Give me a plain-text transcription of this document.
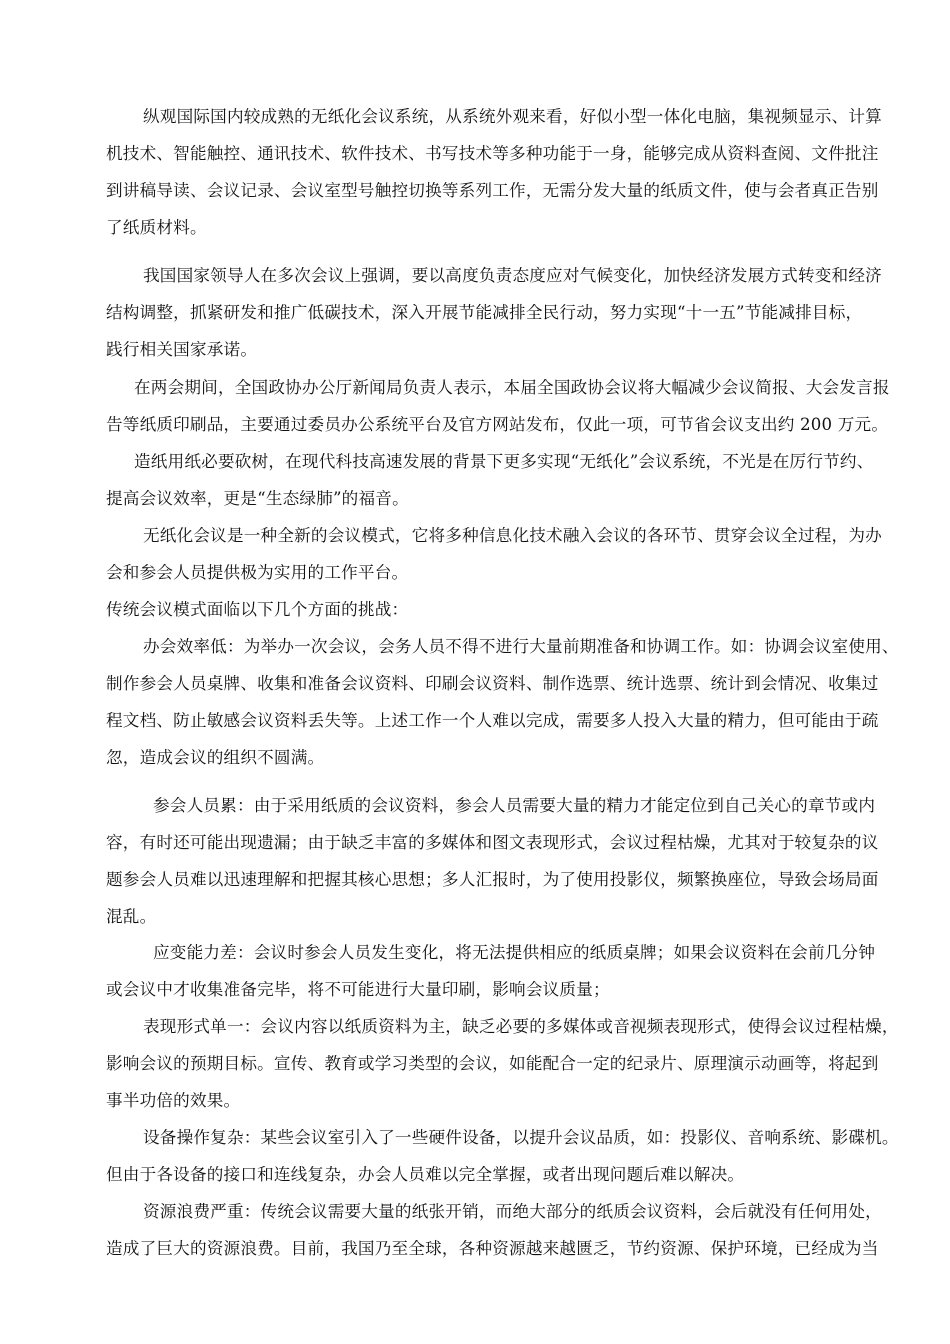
纵观国际国内较成熟的无纸化会议系统，从系统外观来看，好似小型一体化电脑，集视频显示、计算
机技术、智能触控、通讯技术、软件技术、书写技术等多种功能于一身，能够完成从资料查阅、文件批注
到讲稿导读、会议记录、会议室型号触控切换等系列工作，无需分发大量的纸质文件，使与会者真正告别
了纸质材料。
我国国家领导人在多次会议上强调，要以高度负责态度应对气候变化，加快经济发展方式转变和经济
结构调整，抓紧研发和推广低碳技术，深入开展节能减排全民行动，努力实现“十一五”节能减排目标，
践行相关国家承诺。
在两会期间，全国政协办公厅新闻局负责人表示，本届全国政协会议将大幅减少会议简报、大会发言报
告等纸质印刷品，主要通过委员办公系统平台及官方网站发布，仅此一项，可节省会议支出约 200 万元。
造纸用纸必要砍树，在现代科技高速发展的背景下更多实现“无纸化”会议系统，不光是在厉行节约、
提高会议效率，更是“生态绿肺”的福音。
无纸化会议是一种全新的会议模式，它将多种信息化技术融入会议的各环节、贯穿会议全过程，为办
会和参会人员提供极为实用的工作平台。
传统会议模式面临以下几个方面的挑战：
办会效率低：为举办一次会议，会务人员不得不进行大量前期准备和协调工作。如：协调会议室使用、
制作参会人员桌牌、收集和准备会议资料、印刷会议资料、制作选票、统计选票、统计到会情况、收集过
程文档、防止敏感会议资料丢失等。上述工作一个人难以完成，需要多人投入大量的精力，但可能由于疏
忽，造成会议的组织不圆满。
参会人员累：由于采用纸质的会议资料，参会人员需要大量的精力才能定位到自己关心的章节或内
容，有时还可能出现遗漏；由于缺乏丰富的多媒体和图文表现形式，会议过程枯燥，尤其对于较复杂的议
题参会人员难以迅速理解和把握其核心思想；多人汇报时，为了使用投影仪，频繁换座位，导致会场局面
混乱。
应变能力差：会议时参会人员发生变化，将无法提供相应的纸质桌牌；如果会议资料在会前几分钟
或会议中才收集准备完毕，将不可能进行大量印刷，影响会议质量；
表现形式单一：会议内容以纸质资料为主，缺乏必要的多媒体或音视频表现形式，使得会议过程枯燥，
影响会议的预期目标。宣传、教育或学习类型的会议，如能配合一定的纪录片、原理演示动画等，将起到
事半功倍的效果。
设备操作复杂：某些会议室引入了一些硬件设备，以提升会议品质，如：投影仪、音响系统、影碟机。
但由于各设备的接口和连线复杂，办会人员难以完全掌握，或者出现问题后难以解决。
资源浪费严重：传统会议需要大量的纸张开销，而绝大部分的纸质会议资料，会后就没有任何用处，
造成了巨大的资源浪费。目前，我国乃至全球，各种资源越来越匮乏，节约资源、保护环境，已经成为当
